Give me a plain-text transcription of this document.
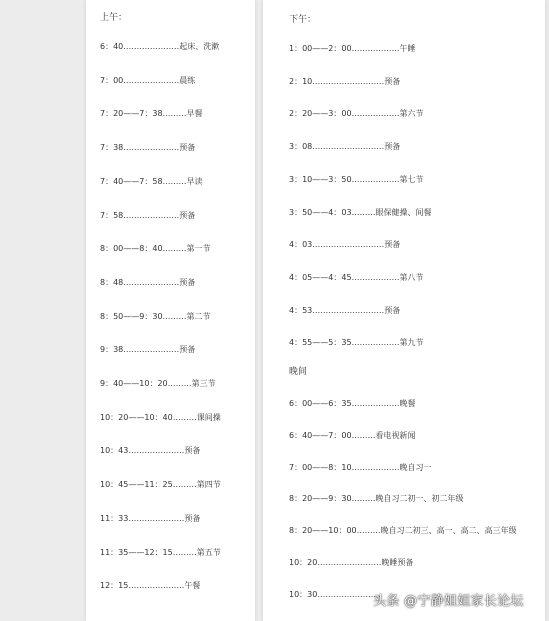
上午：	下午：
晚间
6：40…………………起床、洗漱
7：00…………………晨练
7：20——7：38………早餐
7：38…………………预备
7：40——7：58………早读
7：58…………………预备
8：00——8：40………第一节
8：48…………………预备
8：50——9：30………第二节
9：38…………………预备
9：40——10：20………第三节
10：20——10：40………课间操
10：43…………………预备
10：45——11：25………第四节
11：33…………………预备
11：35——12：15………第五节
12：15…………………午餐
1：00——2：00………………午睡
2：10………………………预备
2：20——3：00………………第六节
3：08………………………预备
3：10——3：50………………第七节
3：50——4：03………眼保健操、间餐
4：03………………………预备
4：05——4：45………………第八节
4：53………………………预备
4：55——5：35………………第九节
6：00——6：35………………晚餐
6：40——7：00………看电视新闻
7：00——8：10………………晚自习一
8：20——9：30………晚自习二初一、初二年级
8：20——10：00………晚自习二初三、高一、高二、高三年级
10：20……………………晚睡预备
10：30……………………
头条 @宁静姐姐家长论坛
